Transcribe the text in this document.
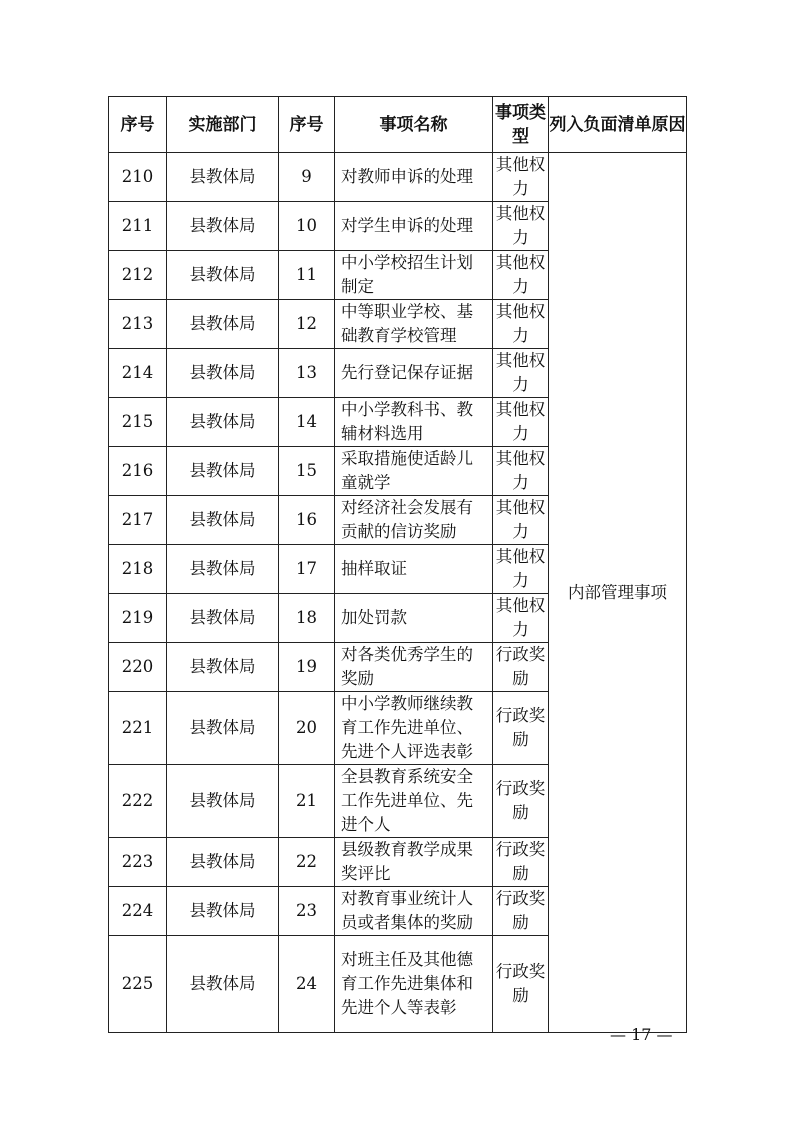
序号	实施部门	序号	事项名称	事项类型	列入负面清单原因
210	县教体局	9	对教师申诉的处理	其他权力	内部管理事项
211	县教体局	10	对学生申诉的处理	其他权力	
212	县教体局	11	中小学校招生计划制定	其他权力	
213	县教体局	12	中等职业学校、基础教育学校管理	其他权力	
214	县教体局	13	先行登记保存证据	其他权力	
215	县教体局	14	中小学教科书、教辅材料选用	其他权力	
216	县教体局	15	采取措施使适龄儿童就学	其他权力	
217	县教体局	16	对经济社会发展有贡献的信访奖励	其他权力	
218	县教体局	17	抽样取证	其他权力	
219	县教体局	18	加处罚款	其他权力	
220	县教体局	19	对各类优秀学生的奖励	行政奖励	
221	县教体局	20	中小学教师继续教育工作先进单位、先进个人评选表彰	行政奖励	
222	县教体局	21	全县教育系统安全工作先进单位、先进个人	行政奖励	
223	县教体局	22	县级教育教学成果奖评比	行政奖励	
224	县教体局	23	对教育事业统计人员或者集体的奖励	行政奖励	
225	县教体局	24	对班主任及其他德育工作先进集体和先进个人等表彰	行政奖励	
— 17 —
